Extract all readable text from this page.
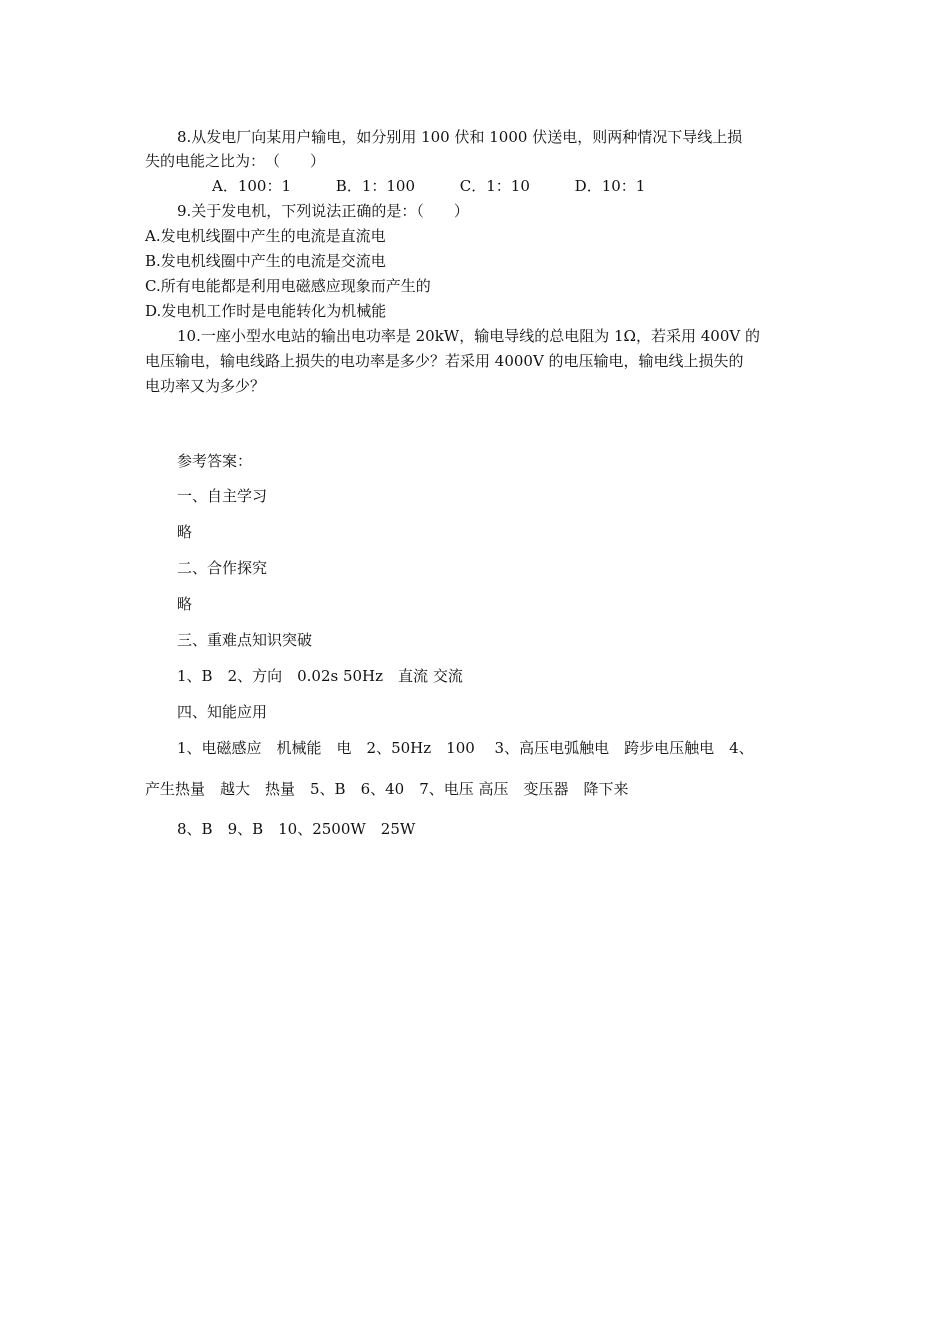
8.从发电厂向某用户输电，如分别用 100 伏和 1000 伏送电，则两种情况下导线上损
失的电能之比为：　（　　）
A．100：1	B．1：100	C．1：10	D．10：1
9.关于发电机，下列说法正确的是：（　　）
A.发电机线圈中产生的电流是直流电
B.发电机线圈中产生的电流是交流电
C.所有电能都是利用电磁感应现象而产生的
D.发电机工作时是电能转化为机械能
10.一座小型水电站的输出电功率是 20kW，输电导线的总电阻为 1Ω，若采用 400V 的
电压输电，输电线路上损失的电功率是多少？若采用 4000V 的电压输电，输电线上损失的
电功率又为多少？
参考答案：
一、自主学习
略
二、合作探究
略
三、重难点知识突破
1、B　2、方向　0.02s 50Hz　直流 交流
四、知能应用
1、电磁感应　机械能　电　2、50Hz　100　 3、高压电弧触电　跨步电压触电　4、
产生热量　越大　热量　5、B　6、40　7、电压 高压　变压器　降下来
8、B　9、B　10、2500W　25W
